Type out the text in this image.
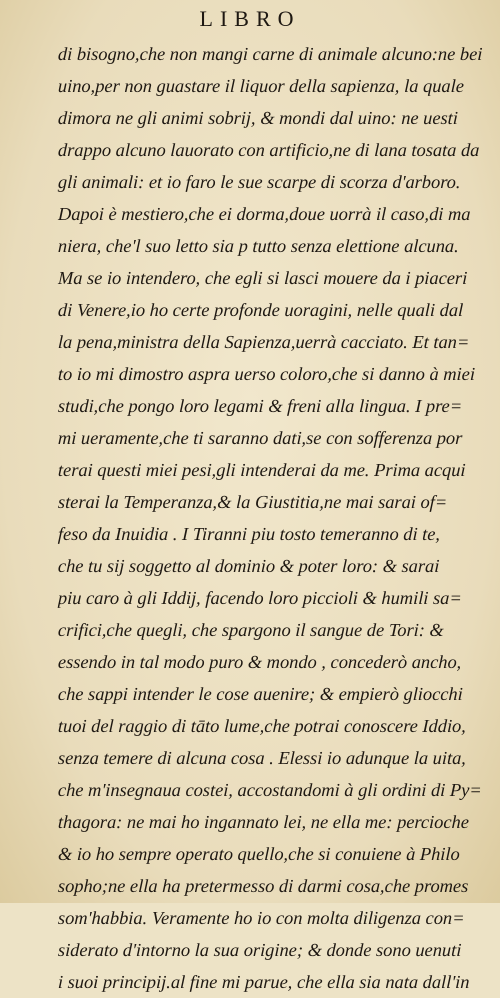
LIBRO
di bisogno,che non mangi carne di animale alcuno:ne bei
uino,per non guastare il liquor della sapienza, la quale
dimora ne gli animi sobrij, & mondi dal uino: ne uesti
drappo alcuno lauorato con artificio,ne di lana tosata da
gli animali: et io faro le sue scarpe di scorza d'arboro.
Dapoi è mestiero,che ei dorma,doue uorrà il caso,di ma
niera, che'l suo letto sia p tutto senza elettione alcuna.
Ma se io intendero, che egli si lasci mouere da i piaceri
di Venere,io ho certe profonde uoragini, nelle quali dal
la pena,ministra della Sapienza,uerrà cacciato. Et tan=
to io mi dimostro aspra uerso coloro,che si danno à miei
studi,che pongo loro legami & freni alla lingua. I pre=
mi ueramente,che ti saranno dati,se con sofferenza por
terai questi miei pesi,gli intenderai da me. Prima acqui
sterai la Temperanza,& la Giustitia,ne mai sarai of=
feso da Inuidia . I Tiranni piu tosto temeranno di te,
che tu sij soggetto al dominio & poter loro: & sarai
piu caro à gli Iddij, facendo loro piccioli & humili sa=
crifici,che quegli, che spargono il sangue de Tori: &
essendo in tal modo puro & mondo , concederò ancho,
che sappi intender le cose auenire; & empierò gliocchi
tuoi del raggio di tāto lume,che potrai conoscere Iddio,
senza temere di alcuna cosa . Elessi io adunque la uita,
che m'insegnaua costei, accostandomi à gli ordini di Py=
thagora: ne mai ho ingannato lei, ne ella me: percioche
& io ho sempre operato quello,che si conuiene à Philo
sopho;ne ella ha pretermesso di darmi cosa,che promes
som'habbia. Veramente ho io con molta diligenza con=
siderato d'intorno la sua origine; & donde sono uenuti
i suoi principij.al fine mi parue, che ella sia nata dall'in
